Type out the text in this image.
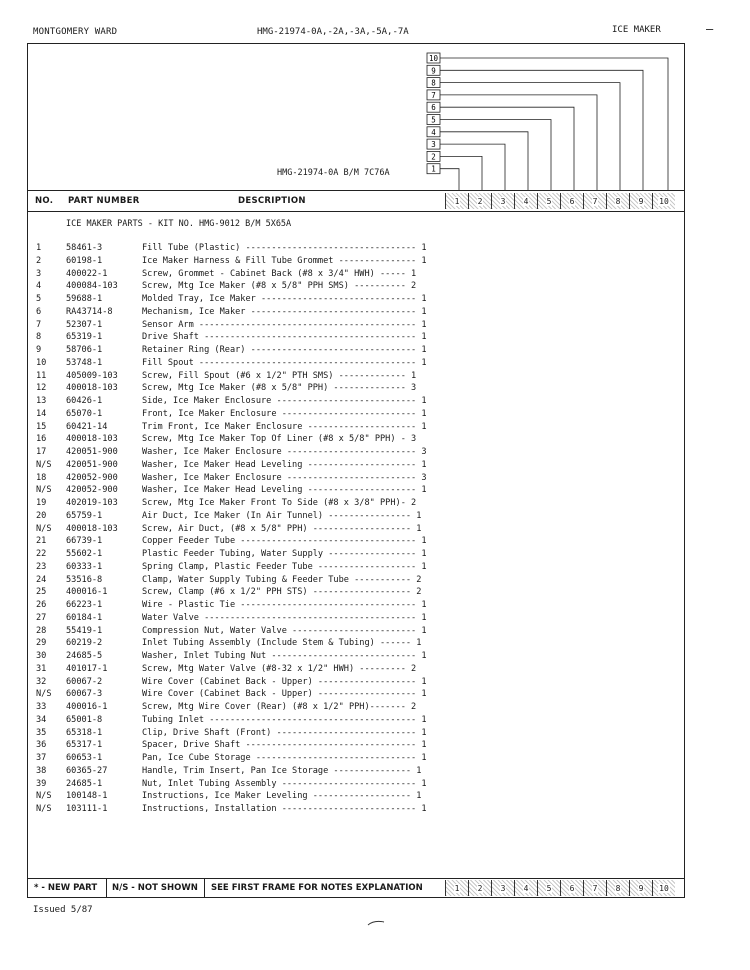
MONTGOMERY WARD	HMG-21974-0A,-2A,-3A,-5A,-7A	ICE MAKER	—
10
9
8
7
6
5
4
3
2
1
HMG-21974-0A B/M 7C76A
NO. PART NUMBER	DESCRIPTION	1 2 3 4 5 6 7 8 9 10
ICE MAKER PARTS - KIT NO. HMG-9012 B/M 5X65A
1	58461-3	Fill Tube (Plastic) --------------------------------- 1
2	60198-1	Ice Maker Harness & Fill Tube Grommet --------------- 1
3	400022-1	Screw, Grommet - Cabinet Back (#8 x 3/4" HWH) ----- 1
4	400084-103	Screw, Mtg Ice Maker (#8 x 5/8" PPH SMS) ---------- 2
5	59688-1	Molded Tray, Ice Maker ------------------------------ 1
6	RA43714-8	Mechanism, Ice Maker -------------------------------- 1
7	52307-1	Sensor Arm ------------------------------------------ 1
8	65319-1	Drive Shaft ----------------------------------------- 1
9	58706-1	Retainer Ring (Rear) -------------------------------- 1
10 53748-1	Fill Spout ------------------------------------------ 1
11 405009-103	Screw, Fill Spout (#6 x 1/2" PTH SMS) ------------- 1
12 400018-103	Screw, Mtg Ice Maker (#8 x 5/8" PPH) -------------- 3
13 60426-1	Side, Ice Maker Enclosure --------------------------- 1
14 65070-1	Front, Ice Maker Enclosure -------------------------- 1
15 60421-14	Trim Front, Ice Maker Enclosure --------------------- 1
16 400018-103	Screw, Mtg Ice Maker Top Of Liner (#8 x 5/8" PPH) - 3
17 420051-900	Washer, Ice Maker Enclosure ------------------------- 3
N/S 420051-900	Washer, Ice Maker Head Leveling --------------------- 1
18 420052-900	Washer, Ice Maker Enclosure ------------------------- 3
N/S 420052-900	Washer, Ice Maker Head Leveling --------------------- 1
19 402019-103	Screw, Mtg Ice Maker Front To Side (#8 x 3/8" PPH)- 2
20 65759-1	Air Duct, Ice Maker (In Air Tunnel) ---------------- 1
N/S 400018-103	Screw, Air Duct, (#8 x 5/8" PPH) ------------------- 1
21 66739-1	Copper Feeder Tube ---------------------------------- 1
22 55602-1	Plastic Feeder Tubing, Water Supply ----------------- 1
23 60333-1	Spring Clamp, Plastic Feeder Tube ------------------- 1
24 53516-8	Clamp, Water Supply Tubing & Feeder Tube ----------- 2
25 400016-1	Screw, Clamp (#6 x 1/2" PPH STS) ------------------- 2
26 66223-1	Wire - Plastic Tie ---------------------------------- 1
27 60184-1	Water Valve ----------------------------------------- 1
28 55419-1	Compression Nut, Water Valve ------------------------ 1
29 60219-2	Inlet Tubing Assembly (Include Stem & Tubing) ------ 1
30 24685-5	Washer, Inlet Tubing Nut ---------------------------- 1
31 401017-1	Screw, Mtg Water Valve (#8-32 x 1/2" HWH) --------- 2
32 60067-2	Wire Cover (Cabinet Back - Upper) ------------------- 1
N/S 60067-3	Wire Cover (Cabinet Back - Upper) ------------------- 1
33 400016-1	Screw, Mtg Wire Cover (Rear) (#8 x 1/2" PPH)------- 2
34 65001-8	Tubing Inlet ---------------------------------------- 1
35 65318-1	Clip, Drive Shaft (Front) --------------------------- 1
36 65317-1	Spacer, Drive Shaft --------------------------------- 1
37 60653-1	Pan, Ice Cube Storage ------------------------------- 1
38 60365-27	Handle, Trim Insert, Pan Ice Storage --------------- 1
39 24685-1	Nut, Inlet Tubing Assembly -------------------------- 1
N/S 100148-1	Instructions, Ice Maker Leveling ------------------- 1
N/S 103111-1	Instructions, Installation -------------------------- 1
* - NEW PART N/S - NOT SHOWN SEE FIRST FRAME FOR NOTES EXPLANATION	1 2 3 4 5 6 7 8 9 10
Issued 5/87
